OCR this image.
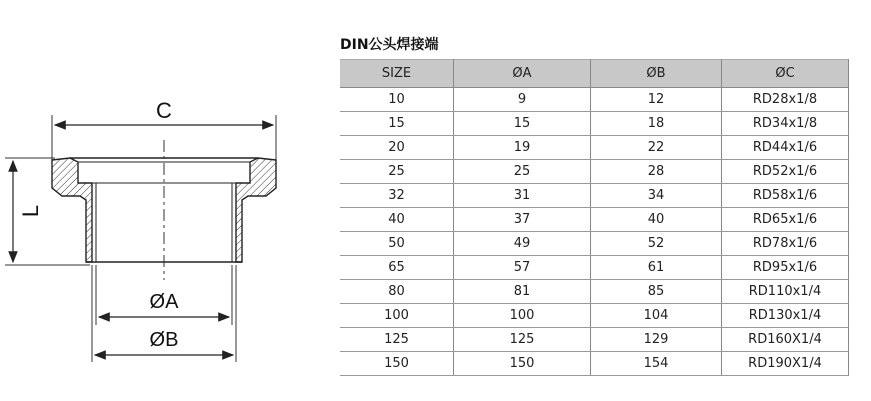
C
L
ØA
ØB
DIN公头焊接端
SIZE	ØA	ØB	ØC
10	9	12	RD28x1/8
15	15	18	RD34x1/8
20	19	22	RD44x1/6
25	25	28	RD52x1/6
32	31	34	RD58x1/6
40	37	40	RD65x1/6
50	49	52	RD78x1/6
65	57	61	RD95x1/6
80	81	85	RD110x1/4
100	100	104	RD130x1/4
125	125	129	RD160X1/4
150	150	154	RD190X1/4
